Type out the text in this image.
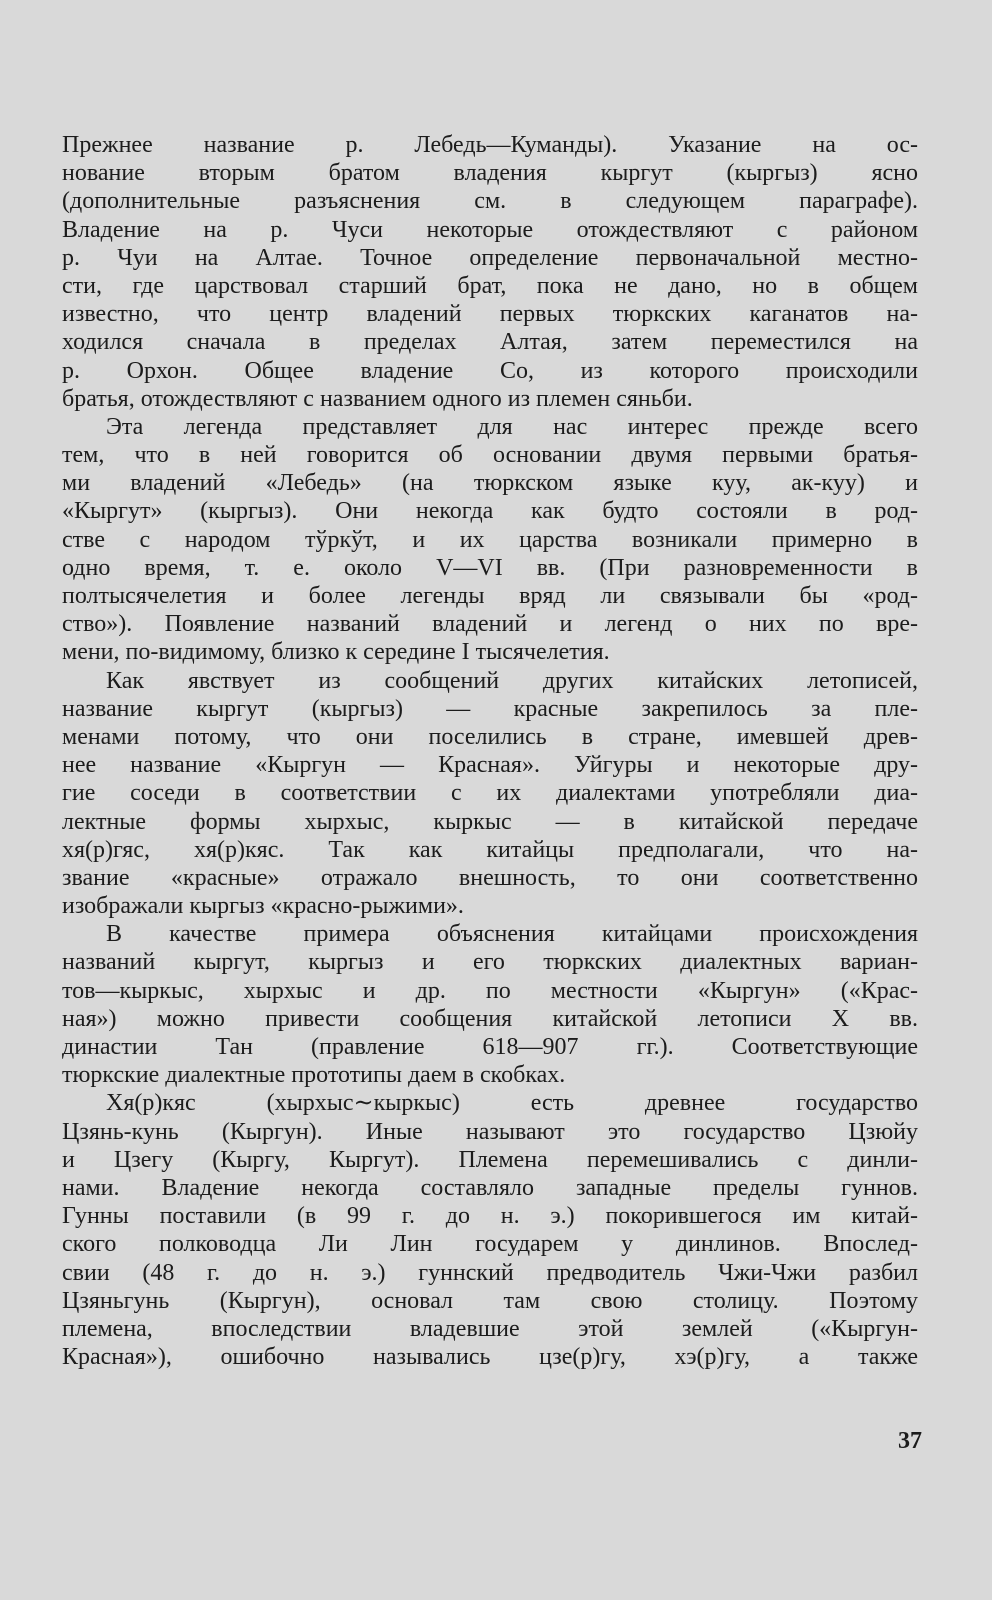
Прежнее название р. Лебедь—Куманды). Указание на ос-
нование вторым братом владения кыргут (кыргыз) ясно
(дополнительные разъяснения см. в следующем параграфе).
Владение на р. Чуси некоторые отождествляют с районом
р. Чуи на Алтае. Точное определение первоначальной местно-
сти, где царствовал старший брат, пока не дано, но в общем
известно, что центр владений первых тюркских каганатов на-
ходился сначала в пределах Алтая, затем переместился на
р. Орхон. Общее владение Со, из которого происходили
братья, отождествляют с названием одного из племен сяньби.
Эта легенда представляет для нас интерес прежде всего
тем, что в ней говорится об основании двумя первыми братья-
ми владений «Лебедь» (на тюркском языке куу, ак-куу) и
«Кыргут» (кыргыз). Они некогда как будто состояли в род-
стве с народом тўркўт, и их царства возникали примерно в
одно время, т. е. около V—VI вв. (При разновременности в
полтысячелетия и более легенды вряд ли связывали бы «род-
ство»). Появление названий владений и легенд о них по вре-
мени, по-видимому, близко к середине I тысячелетия.
Как явствует из сообщений других китайских летописей,
название кыргут (кыргыз) — красные закрепилось за пле-
менами потому, что они поселились в стране, имевшей древ-
нее название «Кыргун — Красная». Уйгуры и некоторые дру-
гие соседи в соответствии с их диалектами употребляли диа-
лектные формы хырхыс, кыркыс — в китайской передаче
хя(р)гяс, хя(р)кяс. Так как китайцы предполагали, что на-
звание «красные» отражало внешность, то они соответственно
изображали кыргыз «красно-рыжими».
В качестве примера объяснения китайцами происхождения
названий кыргут, кыргыз и его тюркских диалектных вариан-
тов—кыркыс, хырхыс и др. по местности «Кыргун» («Крас-
ная») можно привести сообщения китайской летописи X вв.
династии Тан (правление 618—907 гг.). Соответствующие
тюркские диалектные прототипы даем в скобках.
Хя(р)кяс (хырхыс∼кыркыс) есть древнее государство
Цзянь-кунь (Кыргун). Иные называют это государство Цзюйу
и Цзегу (Кыргу, Кыргут). Племена перемешивались с динли-
нами. Владение некогда составляло западные пределы гуннов.
Гунны поставили (в 99 г. до н. э.) покорившегося им китай-
ского полководца Ли Лин государем у динлинов. Впослед-
свии (48 г. до н. э.) гуннский предводитель Чжи-Чжи разбил
Цзяньгунь (Кыргун), основал там свою столицу. Поэтому
племена, впоследствии владевшие этой землей («Кыргун-
Красная»), ошибочно назывались цзе(р)гу, хэ(р)гу, а также
37
